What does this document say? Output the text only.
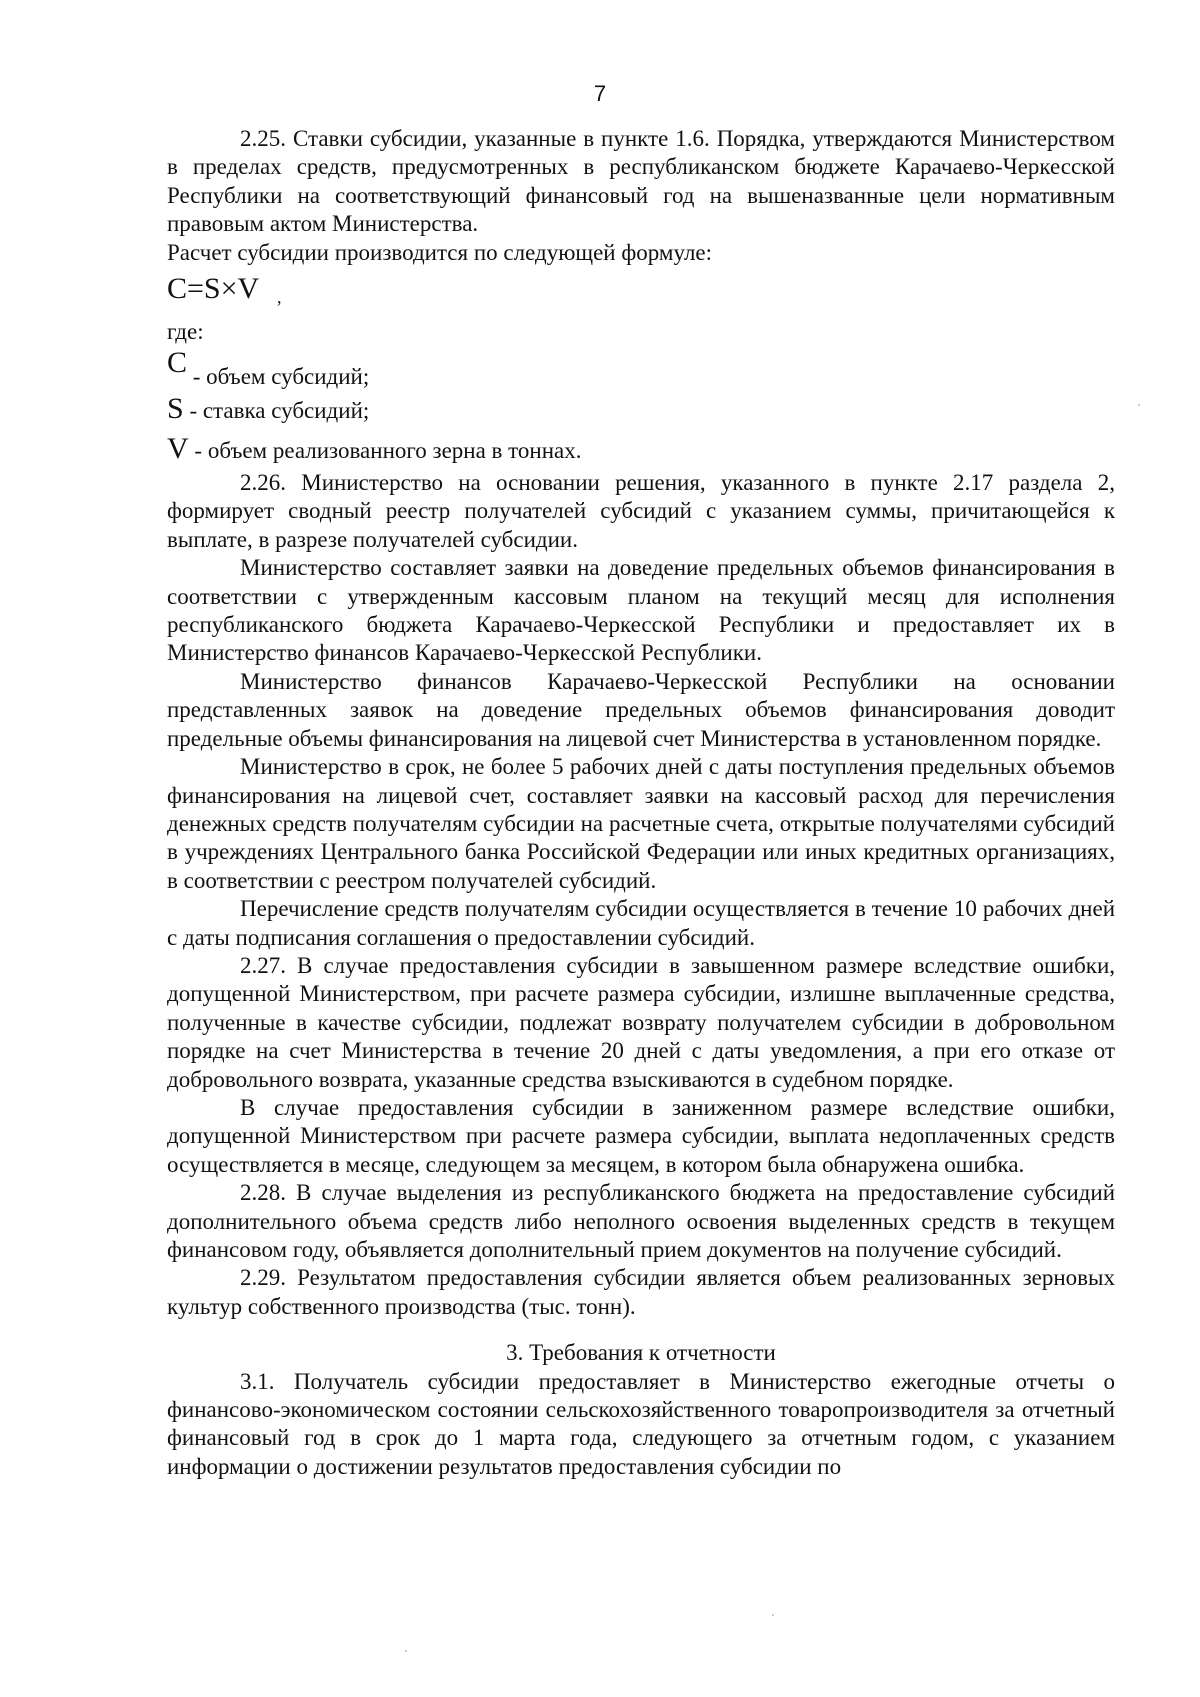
7

2.25. Ставки субсидии, указанные в пункте 1.6. Порядка, утверждаются Министерством в пределах средств, предусмотренных в республиканском бюджете Карачаево-Черкесской Республики на соответствующий финансовый год на вышеназванные цели нормативным правовым актом Министерства.

Расчет субсидии производится по следующей формуле:

C=S×V ,

где:

C - объем субсидий;
S - ставка субсидий;
V - объем реализованного зерна в тоннах.

2.26. Министерство на основании решения, указанного в пункте 2.17 раздела 2, формирует сводный реестр получателей субсидий с указанием суммы, причитающейся к выплате, в разрезе получателей субсидии.

Министерство составляет заявки на доведение предельных объемов финансирования в соответствии с утвержденным кассовым планом на текущий месяц для исполнения республиканского бюджета Карачаево-Черкесской Республики и предоставляет их в Министерство финансов Карачаево-Черкесской Республики.

Министерство финансов Карачаево-Черкесской Республики на основании представленных заявок на доведение предельных объемов финансирования доводит предельные объемы финансирования на лицевой счет Министерства в установленном порядке.

Министерство в срок, не более 5 рабочих дней с даты поступления предельных объемов финансирования на лицевой счет, составляет заявки на кассовый расход для перечисления денежных средств получателям субсидии на расчетные счета, открытые получателями субсидий в учреждениях Центрального банка Российской Федерации или иных кредитных организациях, в соответствии с реестром получателей субсидий.

Перечисление средств получателям субсидии осуществляется в течение 10 рабочих дней с даты подписания соглашения о предоставлении субсидий.

2.27. В случае предоставления субсидии в завышенном размере вследствие ошибки, допущенной Министерством, при расчете размера субсидии, излишне выплаченные средства, полученные в качестве субсидии, подлежат возврату получателем субсидии в добровольном порядке на счет Министерства в течение 20 дней с даты уведомления, а при его отказе от добровольного возврата, указанные средства взыскиваются в судебном порядке.

В случае предоставления субсидии в заниженном размере вследствие ошибки, допущенной Министерством при расчете размера субсидии, выплата недоплаченных средств осуществляется в месяце, следующем за месяцем, в котором была обнаружена ошибка.

2.28. В случае выделения из республиканского бюджета на предоставление субсидий дополнительного объема средств либо неполного освоения выделенных средств в текущем финансовом году, объявляется дополнительный прием документов на получение субсидий.

2.29. Результатом предоставления субсидии является объем реализованных зерновых культур собственного производства (тыс. тонн).

3. Требования к отчетности

3.1. Получатель субсидии предоставляет в Министерство ежегодные отчеты о финансово-экономическом состоянии сельскохозяйственного товаропроизводителя за отчетный финансовый год в срок до 1 марта года, следующего за отчетным годом, с указанием информации о достижении результатов предоставления субсидии по
